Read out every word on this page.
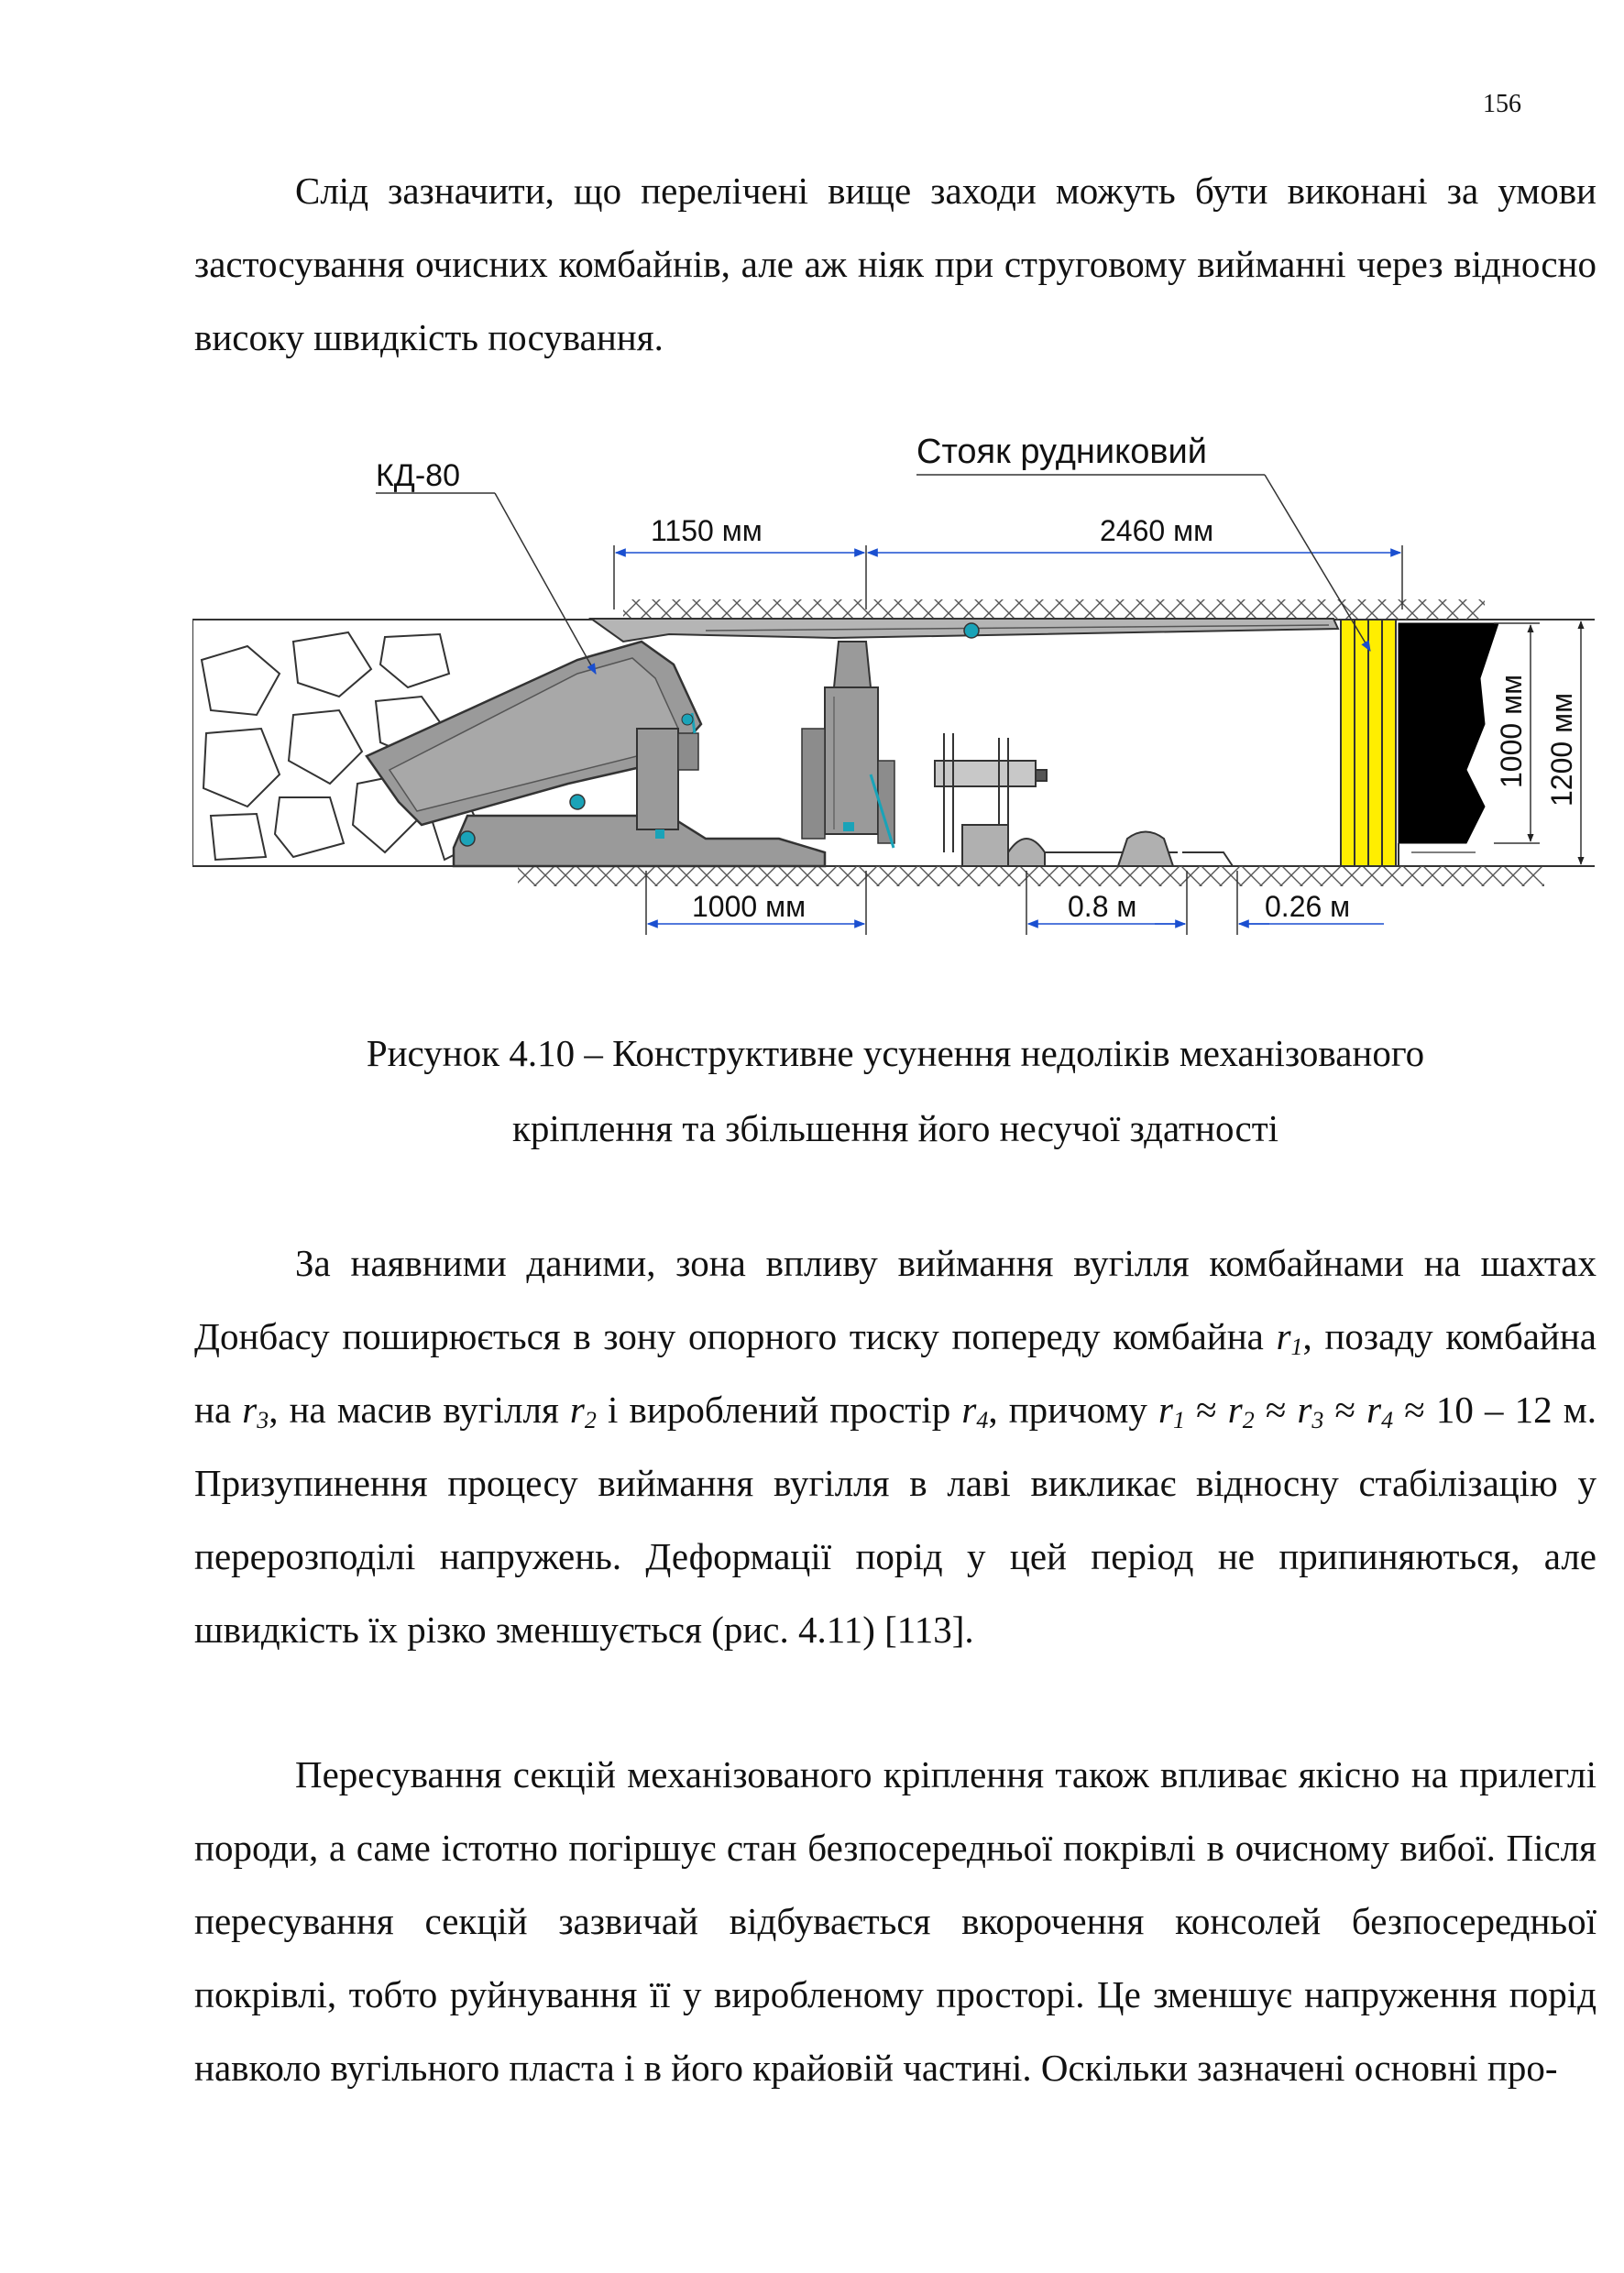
156

Слід зазначити, що перелічені вище заходи можуть бути виконані за умови застосування очисних комбайнів, але аж ніяк при струговому вийманні через відносно високу швидкість посування.

1150 мм	2460 мм
КД-80
Стояк рудниковий
1000 мм 1200 мм
1000 мм	0.8 м	0.26 м
Рисунок 4.10 – Конструктивне усунення недоліків механізованого
кріплення та збільшення його несучої здатності

За наявними даними, зона впливу виймання вугілля комбайнами на шахтах Донбасу поширюється в зону опорного тиску попереду комбайна $r_1$, позаду комбайна на $r_3$, на масив вугілля $r_2$ і вироблений простір $r_4$, причому $r_1 \approx r_2 \approx r_3 \approx r_4 \approx 10 - 12$ м. Призупинення процесу виймання вугілля в лаві викликає відносну стабілізацію у перерозподілі напружень. Деформації порід у цей період не припиняються, але швидкість їх різко зменшується (рис. 4.11) [113].

Пересування секцій механізованого кріплення також впливає якісно на прилеглі породи, а саме істотно погіршує стан безпосередньої покрівлі в очисному вибої. Після пересування секцій зазвичай відбувається вкорочення консолей безпосередньої покрівлі, тобто руйнування її у виробленому просторі. Це зменшує напруження порід навколо вугільного пласта і в його крайовій частині. Оскільки зазначені основні про-
